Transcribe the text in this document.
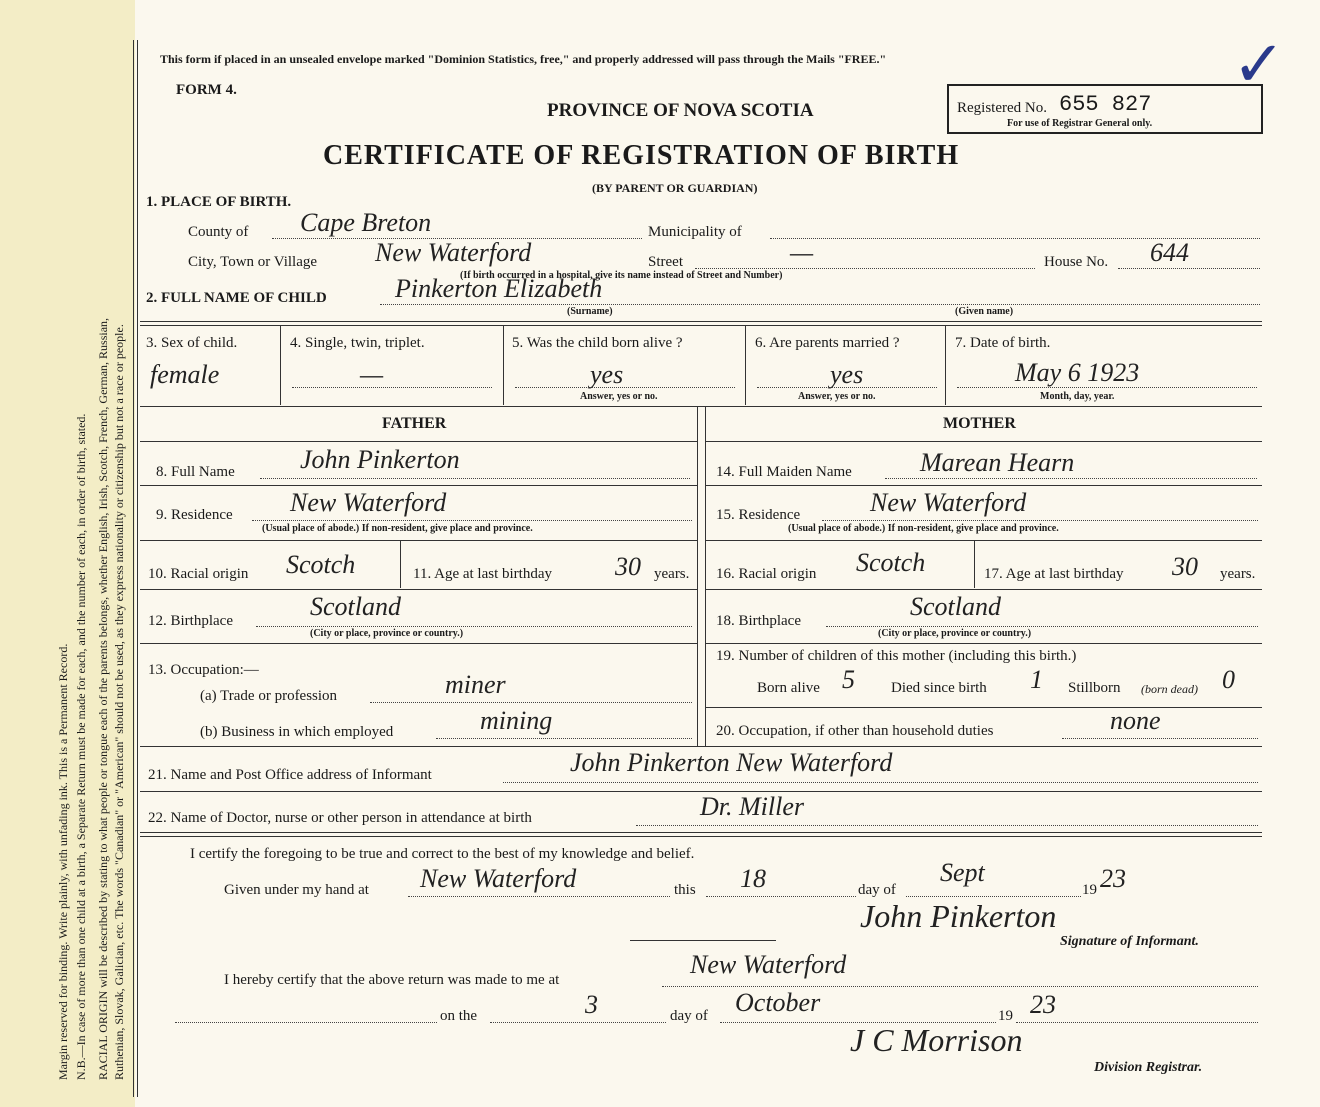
Margin reserved for binding. Write plainly, with unfading ink. This is a Permanent Record. N.B.—In case of more than one child at a birth, a Separate Return must be made for each, and the number of each, in order of birth, stated. RACIAL ORIGIN will be described by stating to what people or tongue each of the parents belongs, whether English, Irish, Scotch, French, German, Russian, Ruthenian, Slovak, Galician, etc. The words "Canadian" or "American" should not be used, as they express nationality or citizenship but not a race or people.
This form if placed in an unsealed envelope marked "Dominion Statistics, free," and properly addressed will pass through the Mails "FREE."
FORM 4.
PROVINCE OF NOVA SCOTIA
CERTIFICATE OF REGISTRATION OF BIRTH
(BY PARENT OR GUARDIAN)
Registered No. 655 827
For use of Registrar General only.
✓
1. PLACE OF BIRTH.
County of Cape Breton	Municipality of
City, Town or Village New Waterford	Street	—	House No. 644
(If birth occurred in a hospital, give its name instead of Street and Number)
2. FULL NAME OF CHILD	Pinkerton Elizabeth
(Surname)	(Given name)
3. Sex of child.
female
4. Single, twin, triplet.
—
5. Was the child born alive ?
yes
Answer, yes or no.
6. Are parents married ?
yes
Answer, yes or no.
7. Date of birth.
May 6 1923
Month, day, year.
FATHER	MOTHER
8. Full Name	John Pinkerton	14. Full Maiden Name	Marean Hearn
9. Residence New Waterford
(Usual place of abode.) If non-resident, give place and province.
15. Residence	New Waterford
(Usual place of abode.) If non-resident, give place and province.
10. Racial origin Scotch	11. Age at last birthday 30 years. 16. Racial origin Scotch	17. Age at last birthday 30 years.
12. Birthplace	Scotland
(City or place, province or country.)
18. Birthplace	Scotland
(City or place, province or country.)
13. Occupation:—
(a) Trade or profession	miner
(b) Business in which employed	mining
19. Number of children of this mother (including this birth.)
Born alive 5 Died since birth 1 Stillborn (born dead) 0
20. Occupation, if other than household duties	none
21. Name and Post Office address of Informant	John Pinkerton New Waterford
22. Name of Doctor, nurse or other person in attendance at birth	Dr. Miller
I certify the foregoing to be true and correct to the best of my knowledge and belief.
Given under my hand at New Waterford	this 18	day of
Sept
19 23
John Pinkerton
Signature of Informant.
I hereby certify that the above return was made to me at
New Waterford
on the	3	day of October	19 23
J C Morrison
Division Registrar.
